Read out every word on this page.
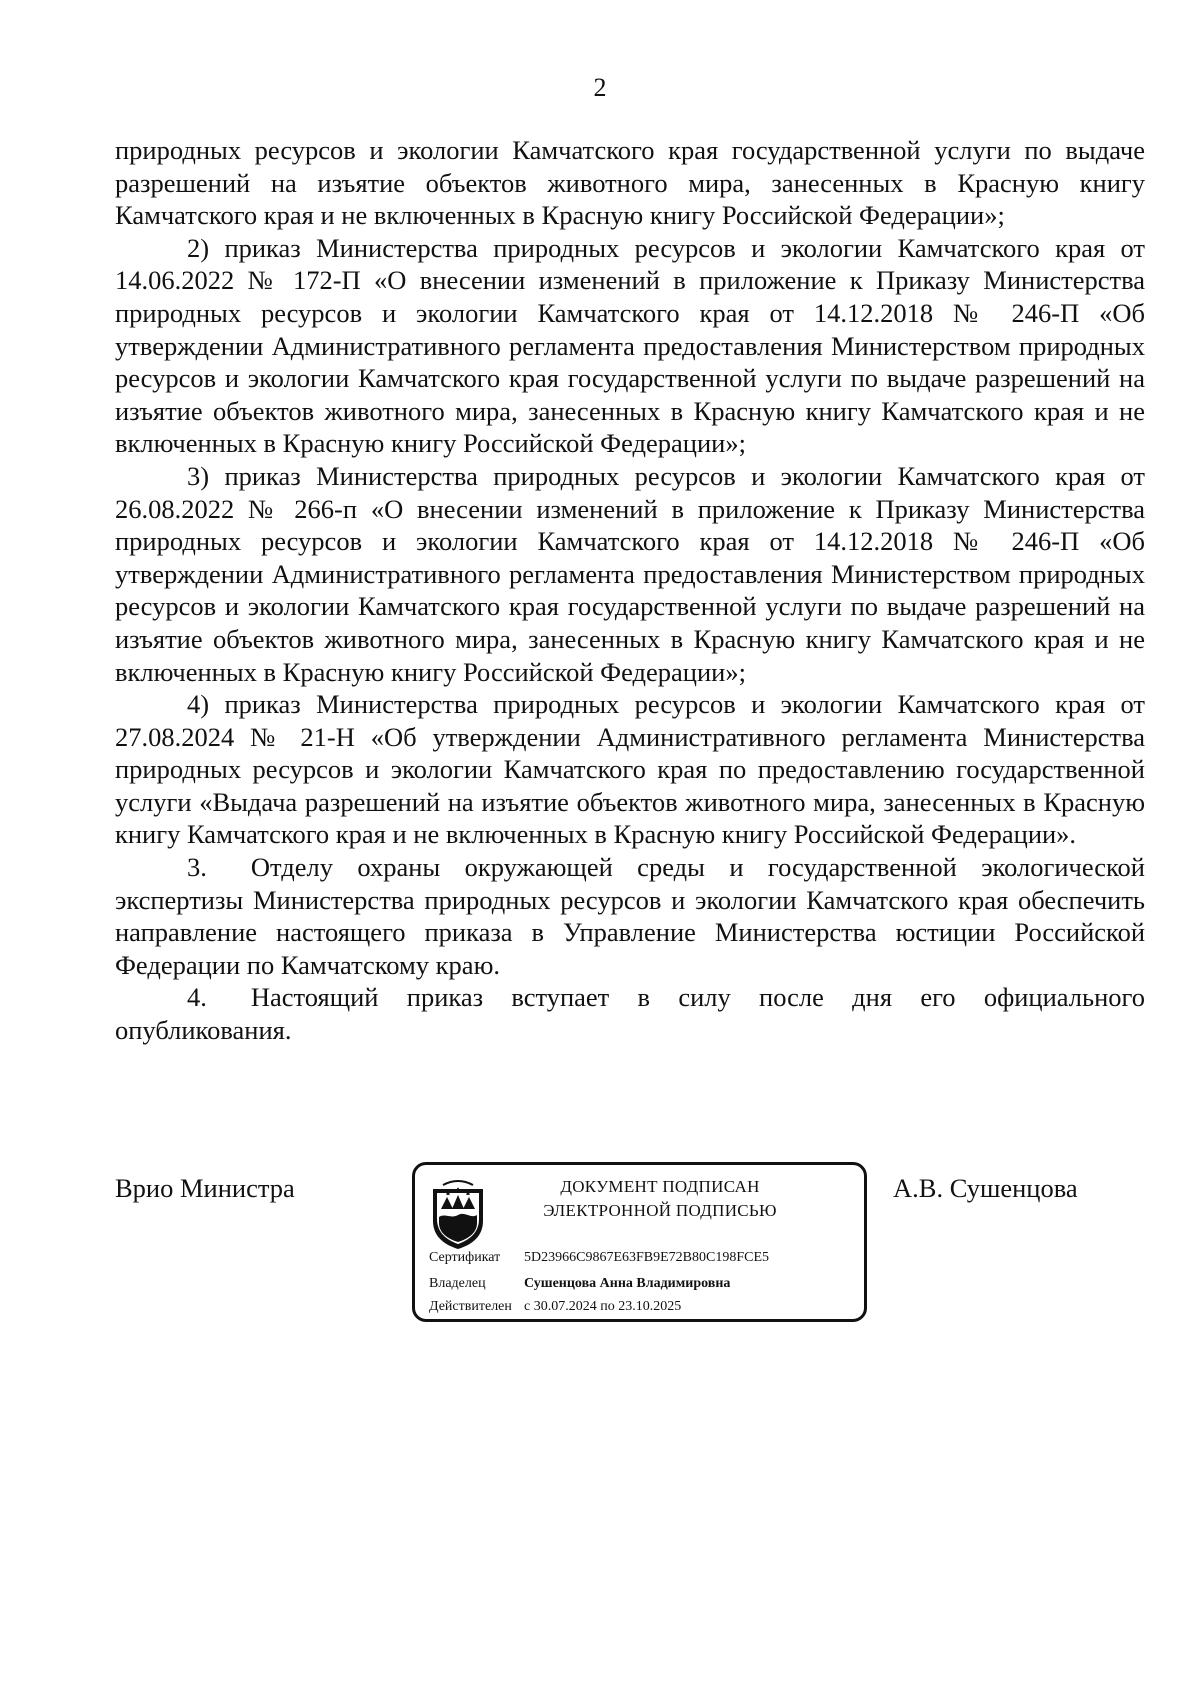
2

природных ресурсов и экологии Камчатского края государственной услуги по выдаче разрешений на изъятие объектов животного мира, занесенных в Красную книгу Камчатского края и не включенных в Красную книгу Российской Федерации»;

2) приказ Министерства природных ресурсов и экологии Камчатского края от 14.06.2022 № 172-П «О внесении изменений в приложение к Приказу Министерства природных ресурсов и экологии Камчатского края от 14.12.2018 № 246-П «Об утверждении Административного регламента предоставления Министерством природных ресурсов и экологии Камчатского края государственной услуги по выдаче разрешений на изъятие объектов животного мира, занесенных в Красную книгу Камчатского края и не включенных в Красную книгу Российской Федерации»;

3) приказ Министерства природных ресурсов и экологии Камчатского края от 26.08.2022 № 266-п «О внесении изменений в приложение к Приказу Министерства природных ресурсов и экологии Камчатского края от 14.12.2018 № 246-П «Об утверждении Административного регламента предоставления Министерством природных ресурсов и экологии Камчатского края государственной услуги по выдаче разрешений на изъятие объектов животного мира, занесенных в Красную книгу Камчатского края и не включенных в Красную книгу Российской Федерации»;

4) приказ Министерства природных ресурсов и экологии Камчатского края от 27.08.2024 № 21-Н «Об утверждении Административного регламента Министерства природных ресурсов и экологии Камчатского края по предоставлению государственной услуги «Выдача разрешений на изъятие объектов животного мира, занесенных в Красную книгу Камчатского края и не включенных в Красную книгу Российской Федерации».

3. Отделу охраны окружающей среды и государственной экологической экспертизы Министерства природных ресурсов и экологии Камчатского края обеспечить направление настоящего приказа в Управление Министерства юстиции Российской Федерации по Камчатскому краю.

4. Настоящий приказ вступает в силу после дня его официального опубликования.

Врио Министра	ДОКУМЕНТ ПОДПИСАН
ЭЛЕКТРОННОЙ ПОДПИСЬЮ
Сертификат 5D23966C9867E63FB9E72B80C198FCE5
Владелец	Сушенцова Анна Владимировна
Действителен с 30.07.2024 по 23.10.2025
А.В. Сушенцова
